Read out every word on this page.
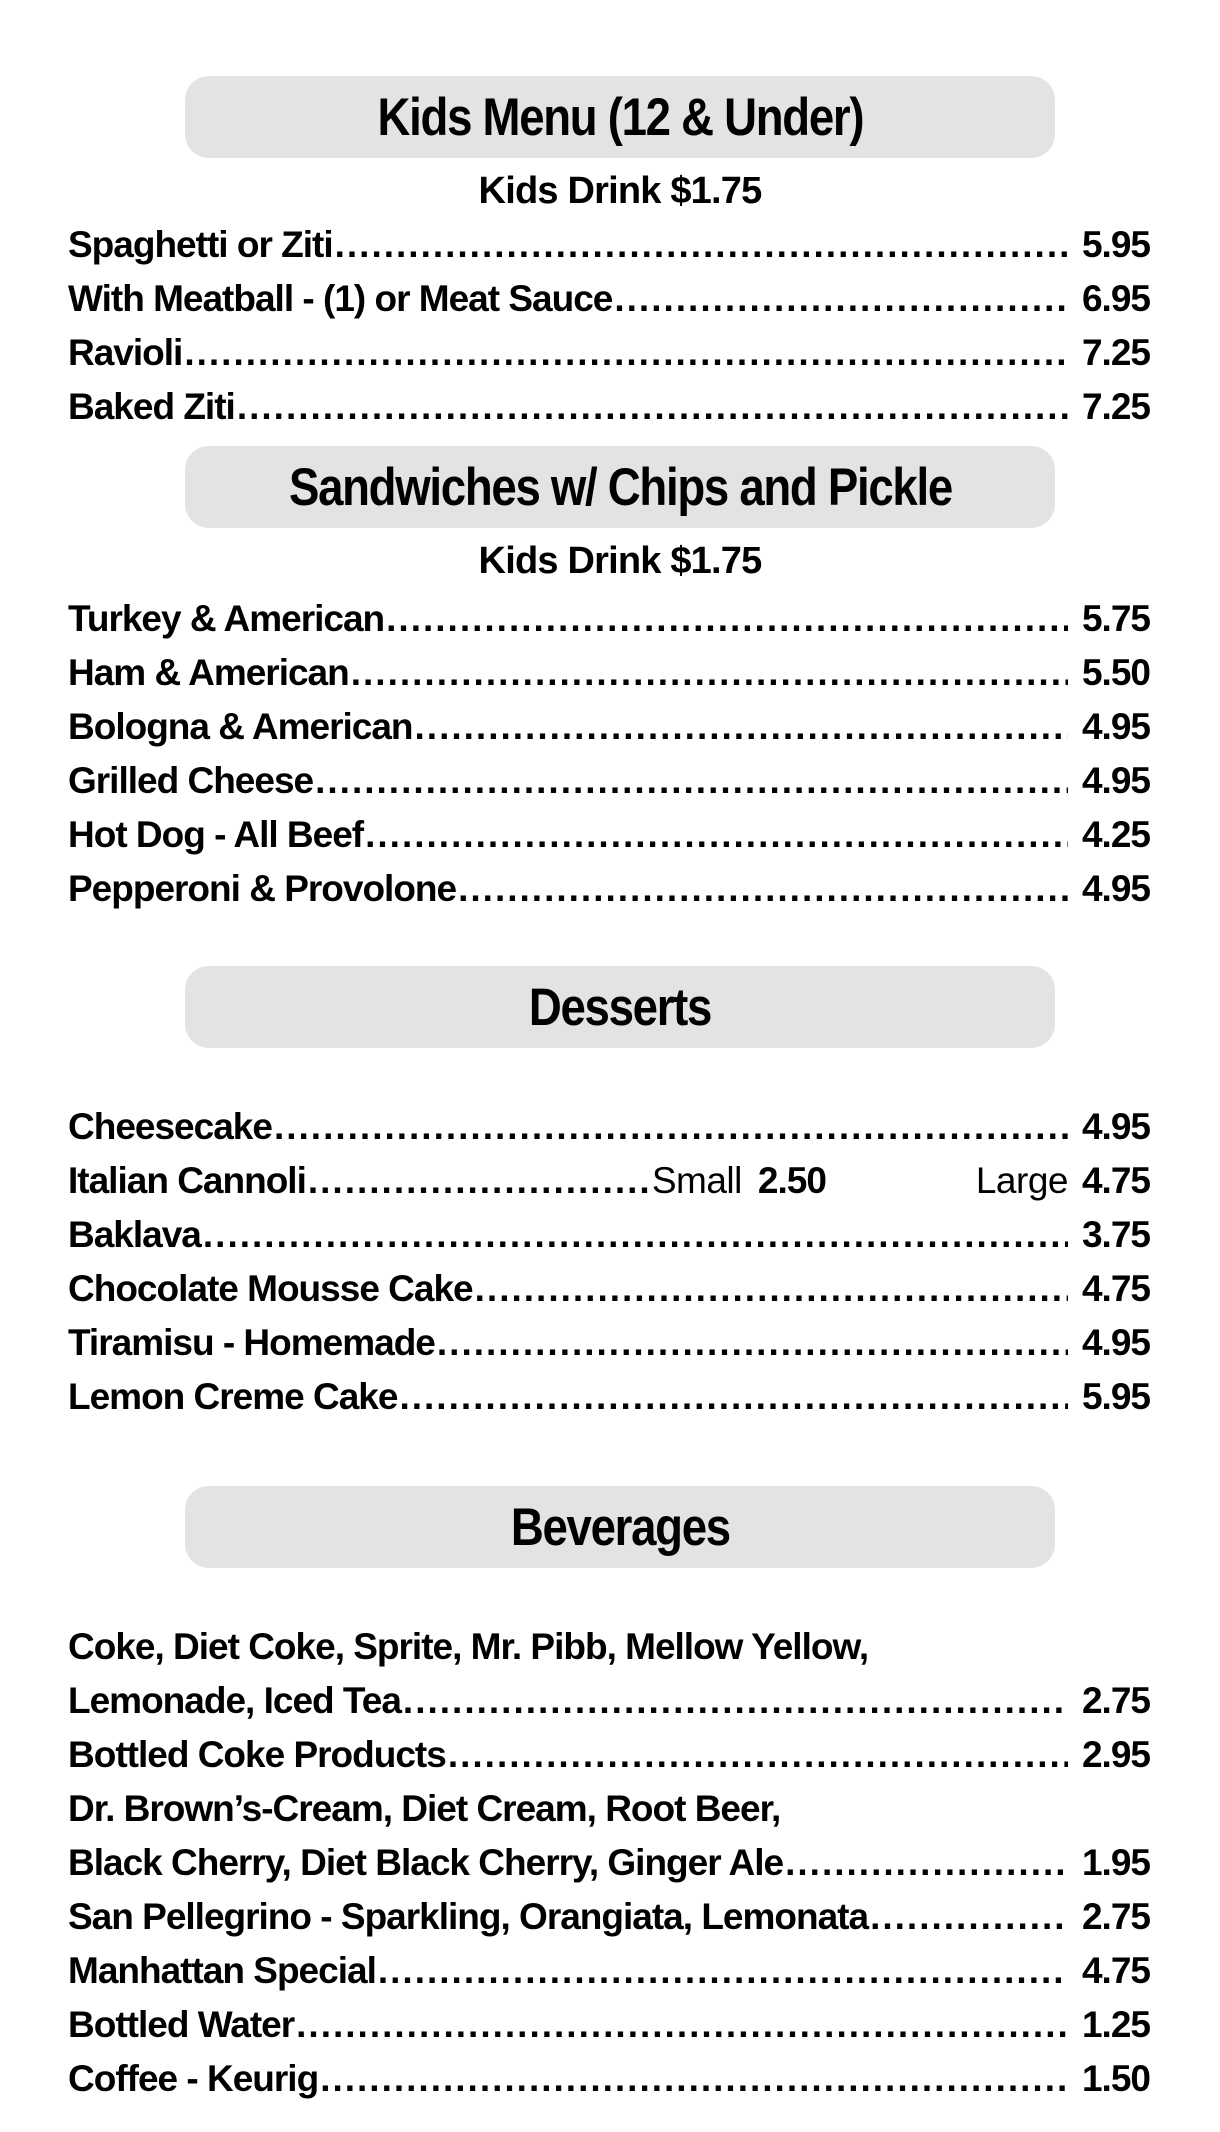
Kids Menu (12 & Under)
Kids Drink $1.75
Spaghetti or Ziti .....	5.95
With Meatball - (1) or Meat Sauce .....	6.95
Ravioli .....	7.25
Baked Ziti .....	7.25
Sandwiches w/ Chips and Pickle
Kids Drink $1.75
Turkey & American .....	5.75
Ham & American .....	5.50
Bologna & American .....	4.95
Grilled Cheese .....	4.95
Hot Dog - All Beef .....	4.25
Pepperoni & Provolone .....	4.95
Desserts
Cheesecake .....	4.95
Italian Cannoli .....	Small 2.50	Large 4.75
Baklava .....	3.75
Chocolate Mousse Cake .....	4.75
Tiramisu - Homemade .....	4.95
Lemon Creme Cake .....	5.95
Beverages
Coke, Diet Coke, Sprite, Mr. Pibb, Mellow Yellow,
Lemonade, Iced Tea .....	2.75
Bottled Coke Products .....	2.95
Dr. Brown’s-Cream, Diet Cream, Root Beer,
Black Cherry, Diet Black Cherry, Ginger Ale .....	1.95
San Pellegrino - Sparkling, Orangiata, Lemonata .....	2.75
Manhattan Special .....	4.75
Bottled Water .....	1.25
Coffee - Keurig .....	1.50
